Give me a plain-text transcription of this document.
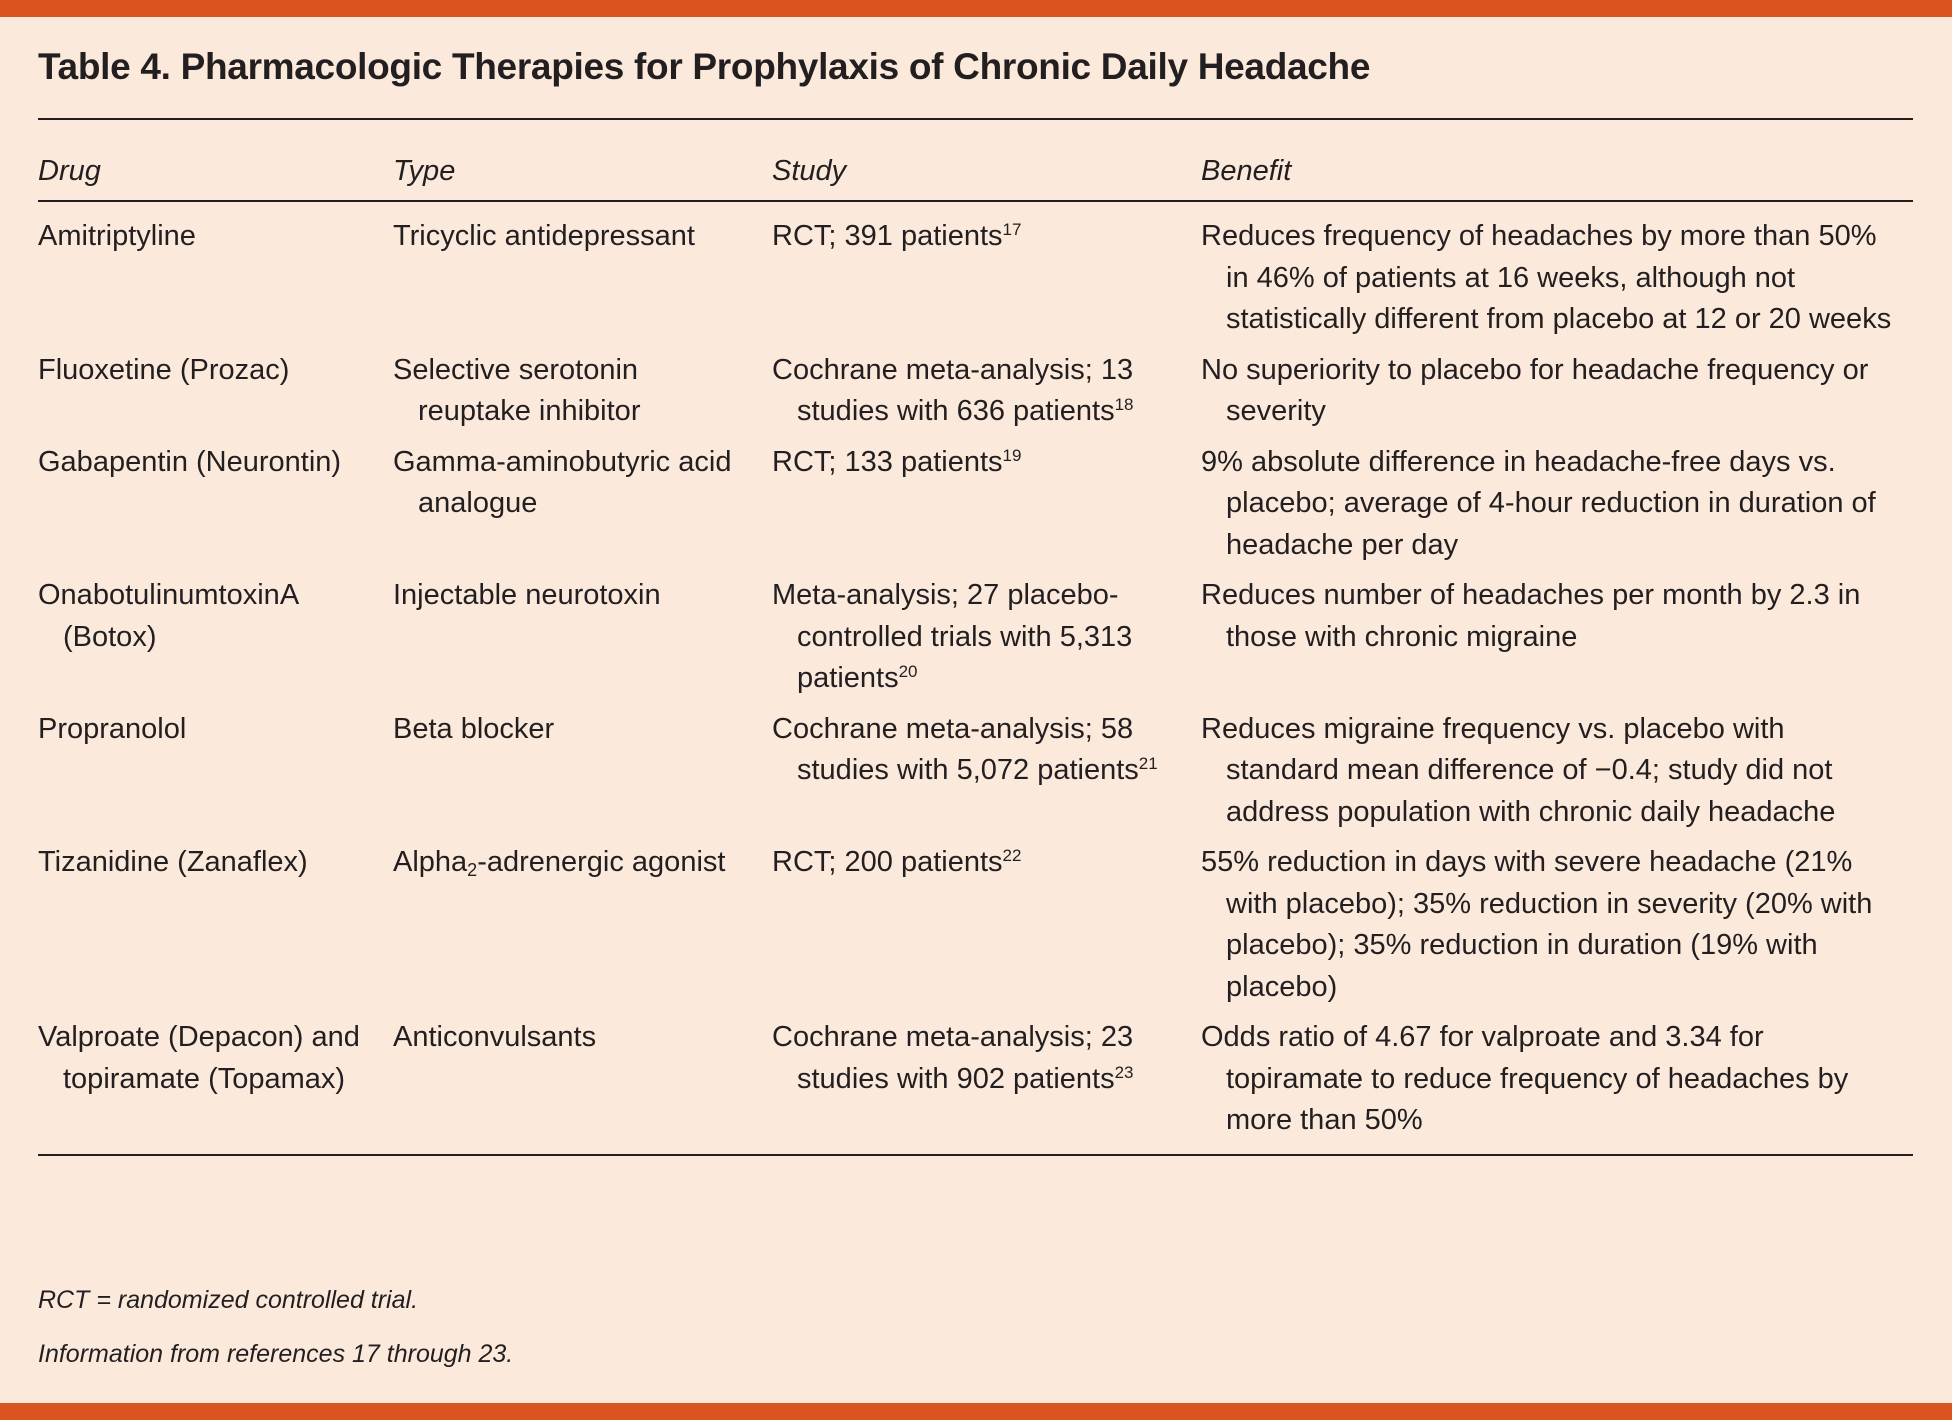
Table 4. Pharmacologic Therapies for Prophylaxis of Chronic Daily Headache
Drug	Type	Study	Benefit
Amitriptyline	Tricyclic antidepressant	RCT; 391 patients$^{17}$	Reduces frequency of headaches by more than 50% in 46% of patients at 16 weeks, although not statistically different from placebo at 12 or 20 weeks
Fluoxetine (Prozac)	Selective serotonin reuptake inhibitor	Cochrane meta-analysis; 13 studies with 636 patients$^{18}$	No superiority to placebo for headache frequency or severity
Gabapentin (Neurontin)	Gamma-aminobutyric acid analogue	RCT; 133 patients$^{19}$	9% absolute difference in headache-free days vs. placebo; average of 4-hour reduction in duration of headache per day
OnabotulinumtoxinA (Botox)	Injectable neurotoxin	Meta-analysis; 27 placebo-controlled trials with 5,313 patients$^{20}$	Reduces number of headaches per month by 2.3 in those with chronic migraine
Propranolol	Beta blocker	Cochrane meta-analysis; 58 studies with 5,072 patients$^{21}$	Reduces migraine frequency vs. placebo with standard mean difference of −0.4; study did not address population with chronic daily headache
Tizanidine (Zanaflex)	Alpha$_2$-adrenergic agonist	RCT; 200 patients$^{22}$	55% reduction in days with severe headache (21% with placebo); 35% reduction in severity (20% with placebo); 35% reduction in duration (19% with placebo)
Valproate (Depacon) and topiramate (Topamax)	Anticonvulsants	Cochrane meta-analysis; 23 studies with 902 patients$^{23}$	Odds ratio of 4.67 for valproate and 3.34 for topiramate to reduce frequency of headaches by more than 50%
RCT = randomized controlled trial.
Information from references 17 through 23.
